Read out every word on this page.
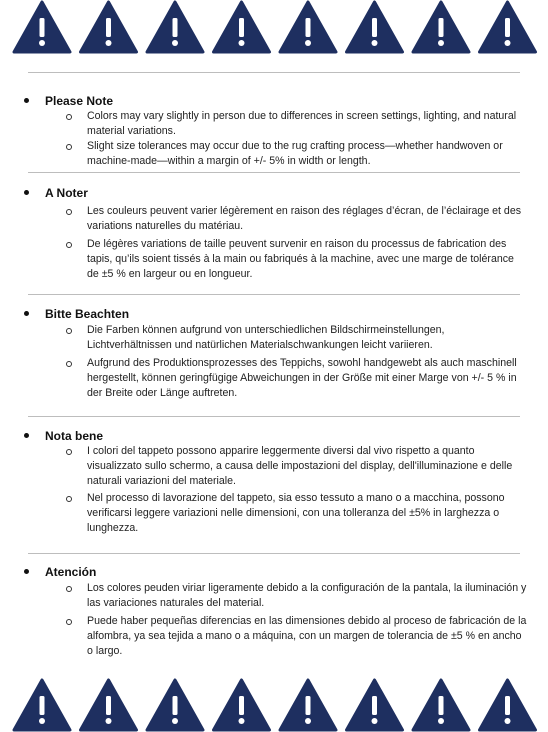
Please Note
Colors may vary slightly in person due to differences in screen settings, lighting, and natural material variations.
Slight size tolerances may occur due to the rug crafting process—whether handwoven or machine-made—within a margin of +/- 5% in width or length.
A Noter
Les couleurs peuvent varier légèrement en raison des réglages d’écran, de l’éclairage et des variations naturelles du matériau.
De légères variations de taille peuvent survenir en raison du processus de fabrication des tapis, qu’ils soient tissés à la main ou fabriqués à la machine, avec une marge de tolérance de ±5 % en largeur ou en longueur.
Bitte Beachten
Die Farben können aufgrund von unterschiedlichen Bildschirmeinstellungen, Lichtverhältnissen und natürlichen Materialschwankungen leicht variieren.
Aufgrund des Produktionsprozesses des Teppichs, sowohl handgewebt als auch maschinell hergestellt, können geringfügige Abweichungen in der Größe mit einer Marge von +/- 5 % in der Breite oder Länge auftreten.
Nota bene
I colori del tappeto possono apparire leggermente diversi dal vivo rispetto a quanto visualizzato sullo schermo, a causa delle impostazioni del display, dell'illuminazione e delle naturali variazioni del materiale.
Nel processo di lavorazione del tappeto, sia esso tessuto a mano o a macchina, possono verificarsi leggere variazioni nelle dimensioni, con una tolleranza del ±5% in larghezza o lunghezza.
Atención
Los colores peuden viriar ligeramente debido a la configuración de la pantala, la iluminación y las variaciones naturales del material.
Puede haber pequeñas diferencias en las dimensiones debido al proceso de fabricación de la alfombra, ya sea tejida a mano o a máquina, con un margen de tolerancia de ±5 % en ancho o largo.
